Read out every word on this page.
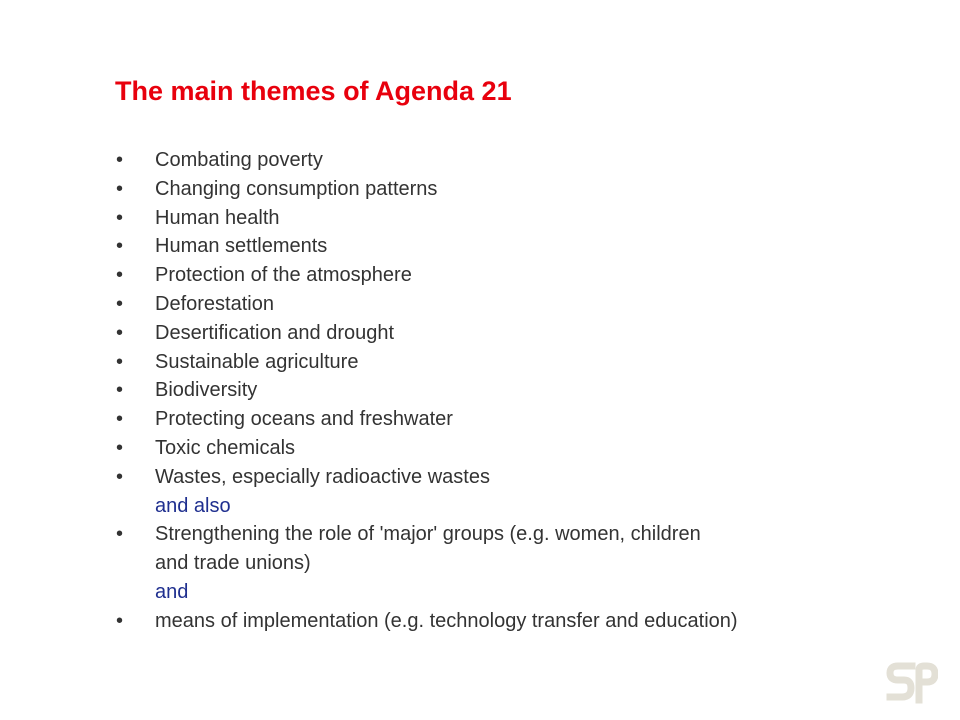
The main themes of Agenda 21
• Combating poverty
• Changing consumption patterns
• Human health
• Human settlements
• Protection of the atmosphere
• Deforestation
• Desertification and drought
• Sustainable agriculture
• Biodiversity
• Protecting oceans and freshwater
• Toxic chemicals
• Wastes, especially radioactive wastes
and also
• Strengthening the role of 'major' groups (e.g. women, children
and trade unions)
and
• means of implementation (e.g. technology transfer and education)
